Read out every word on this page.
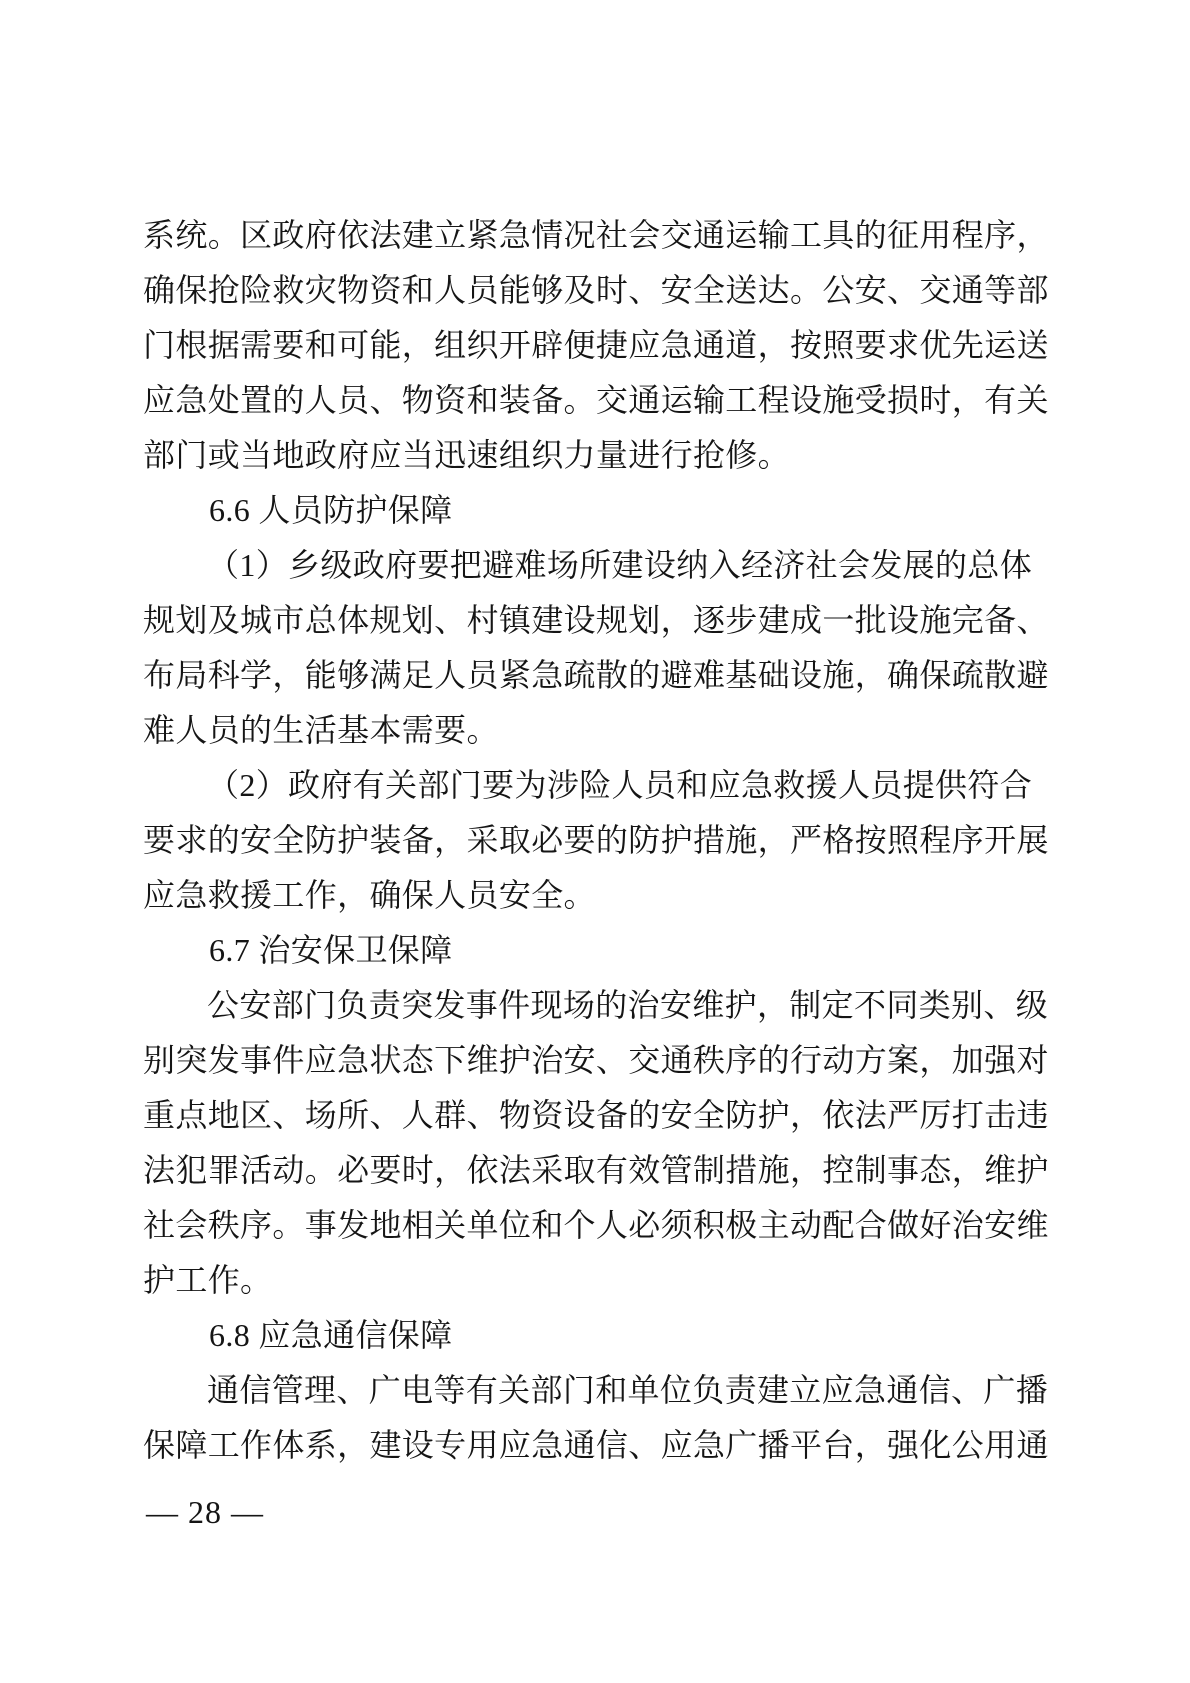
系统。区政府依法建立紧急情况社会交通运输工具的征用程序，
确保抢险救灾物资和人员能够及时、安全送达。公安、交通等部
门根据需要和可能，组织开辟便捷应急通道，按照要求优先运送
应急处置的人员、物资和装备。交通运输工程设施受损时，有关
部门或当地政府应当迅速组织力量进行抢修。
6.6 人员防护保障
（1）乡级政府要把避难场所建设纳入经济社会发展的总体
规划及城市总体规划、村镇建设规划，逐步建成一批设施完备、
布局科学，能够满足人员紧急疏散的避难基础设施，确保疏散避
难人员的生活基本需要。
（2）政府有关部门要为涉险人员和应急救援人员提供符合
要求的安全防护装备，采取必要的防护措施，严格按照程序开展
应急救援工作，确保人员安全。
6.7 治安保卫保障
公安部门负责突发事件现场的治安维护，制定不同类别、级
别突发事件应急状态下维护治安、交通秩序的行动方案，加强对
重点地区、场所、人群、物资设备的安全防护，依法严厉打击违
法犯罪活动。必要时，依法采取有效管制措施，控制事态，维护
社会秩序。事发地相关单位和个人必须积极主动配合做好治安维
护工作。
6.8 应急通信保障
通信管理、广电等有关部门和单位负责建立应急通信、广播
保障工作体系，建设专用应急通信、应急广播平台，强化公用通
— 28 —
